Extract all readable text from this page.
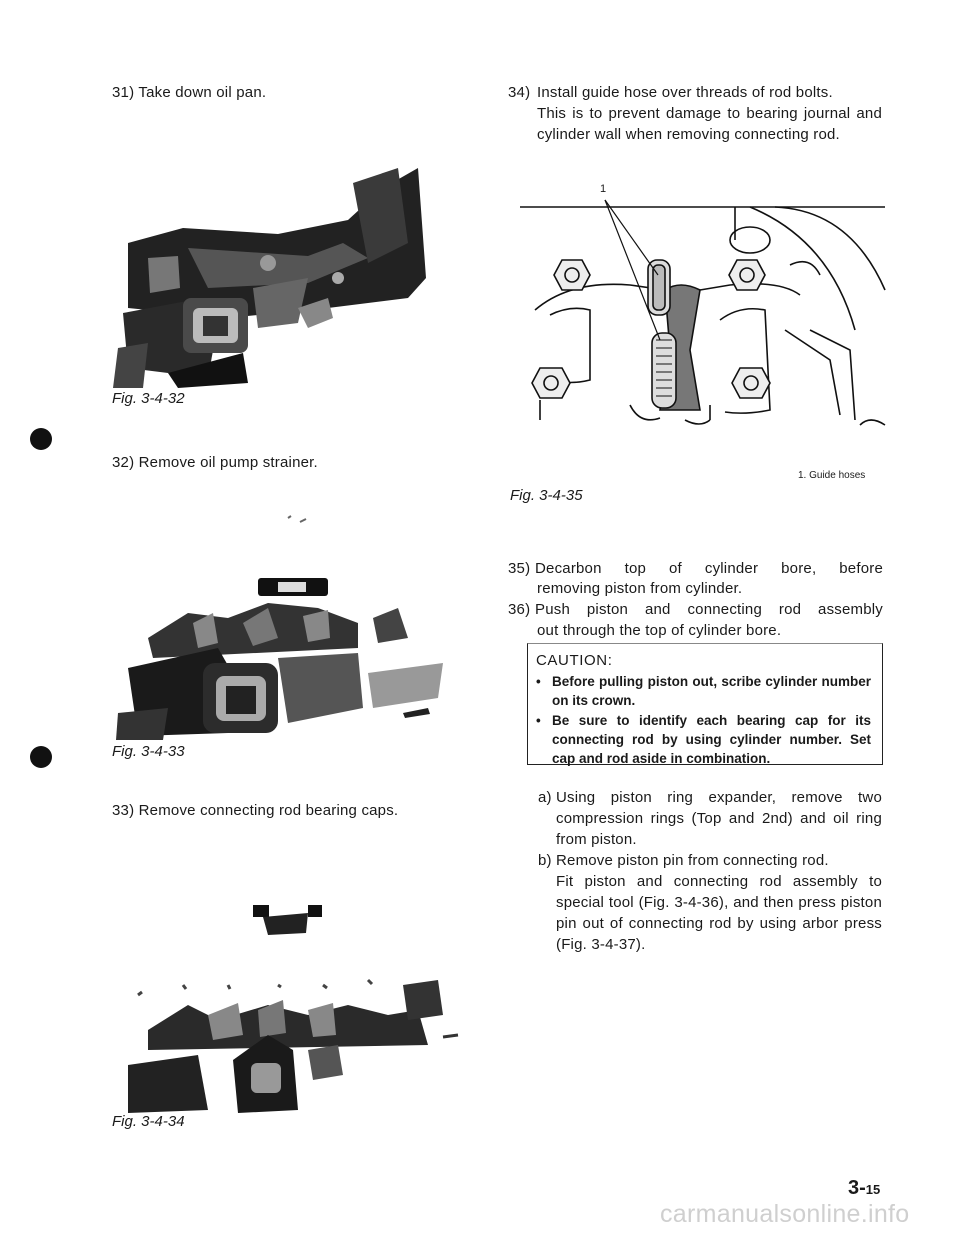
31) Take down oil pan.
Fig. 3-4-32
32) Remove oil pump strainer.
Fig. 3-4-33
33) Remove connecting rod bearing caps.
Fig. 3-4-34
34) Install guide hose over threads of rod bolts.
This is to prevent damage to bearing journal and cylinder wall when removing connecting rod.
1
1. Guide hoses
Fig. 3-4-35
35) Decarbon top of cylinder bore, before
removing piston from cylinder.
36) Push piston and connecting rod assembly
out through the top of cylinder bore.
CAUTION:
• Before pulling piston out, scribe cylinder number on its crown.
• Be sure to identify each bearing cap for its connecting rod by using cylinder number. Set cap and rod aside in combination.
a) Using piston ring expander, remove two
compression rings (Top and 2nd) and oil ring from piston.
b) Remove piston pin from connecting rod.
Fit piston and connecting rod assembly to special tool (Fig. 3-4-36), and then press piston pin out of connecting rod by using arbor press (Fig. 3-4-37).
3-15
carmanualsonline.info
